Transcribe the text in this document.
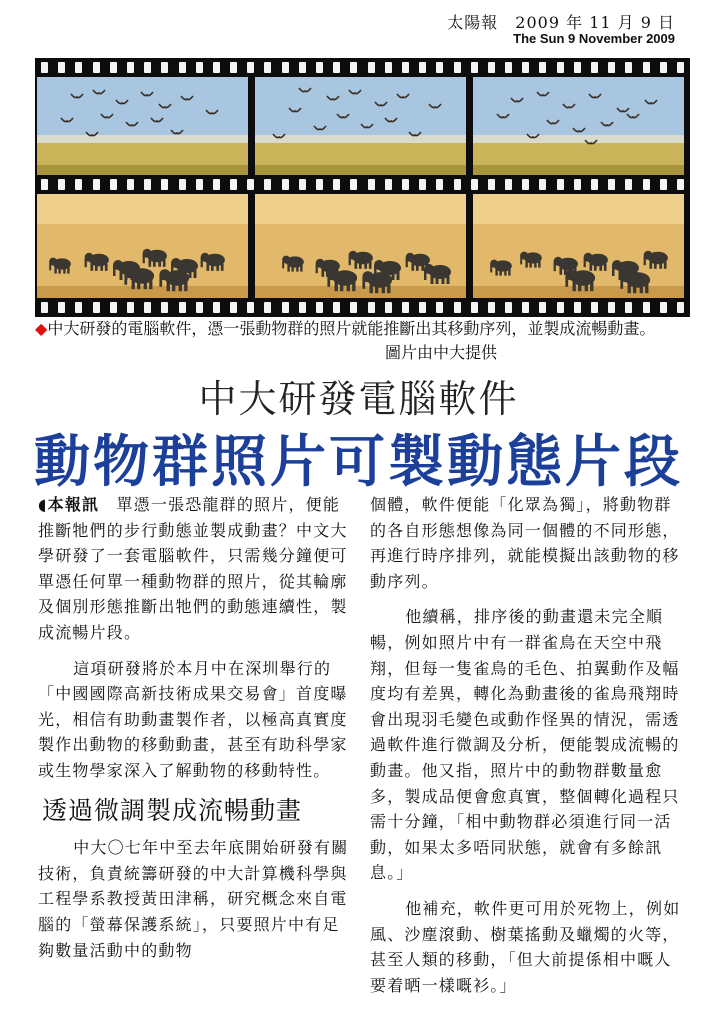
太陽報　2009 年 11 月 9 日
The Sun 9 November 2009
◆中大研發的電腦軟件，憑一張動物群的照片就能推斷出其移動序列，並製成流暢動畫。
圖片由中大提供
中大研發電腦軟件
動物群照片可製動態片段

◖本報訊  單憑一張恐龍群的照片，便能推斷牠們的步行動態並製成動畫？中文大學研發了一套電腦軟件，只需幾分鐘便可單憑任何單一種動物群的照片，從其輪廓及個別形態推斷出牠們的動態連續性，製成流暢片段。

這項研發將於本月中在深圳舉行的「中國國際高新技術成果交易會」首度曝光，相信有助動畫製作者，以極高真實度製作出動物的移動動畫，甚至有助科學家或生物學家深入了解動物的移動特性。

透過微調製成流暢動畫

中大〇七年中至去年底開始研發有關技術，負責統籌研發的中大計算機科學與工程學系教授黃田津稱，研究概念來自電腦的「螢幕保護系統」，只要照片中有足夠數量活動中的動物

個體，軟件便能「化眾為獨」，將動物群的各自形態想像為同一個體的不同形態，再進行時序排列，就能模擬出該動物的移動序列。

他續稱，排序後的動畫還未完全順暢，例如照片中有一群雀鳥在天空中飛翔，但每一隻雀鳥的毛色、拍翼動作及幅度均有差異，轉化為動畫後的雀鳥飛翔時會出現羽毛變色或動作怪異的情況，需透過軟件進行微調及分析，便能製成流暢的動畫。他又指，照片中的動物群數量愈多，製成品便會愈真實，整個轉化過程只需十分鐘，「相中動物群必須進行同一活動，如果太多唔同狀態，就會有多餘訊息。」

他補充，軟件更可用於死物上，例如風、沙塵滾動、樹葉搖動及蠟燭的火等，甚至人類的移動，「但大前提係相中嘅人要着晒一樣嘅衫。」
